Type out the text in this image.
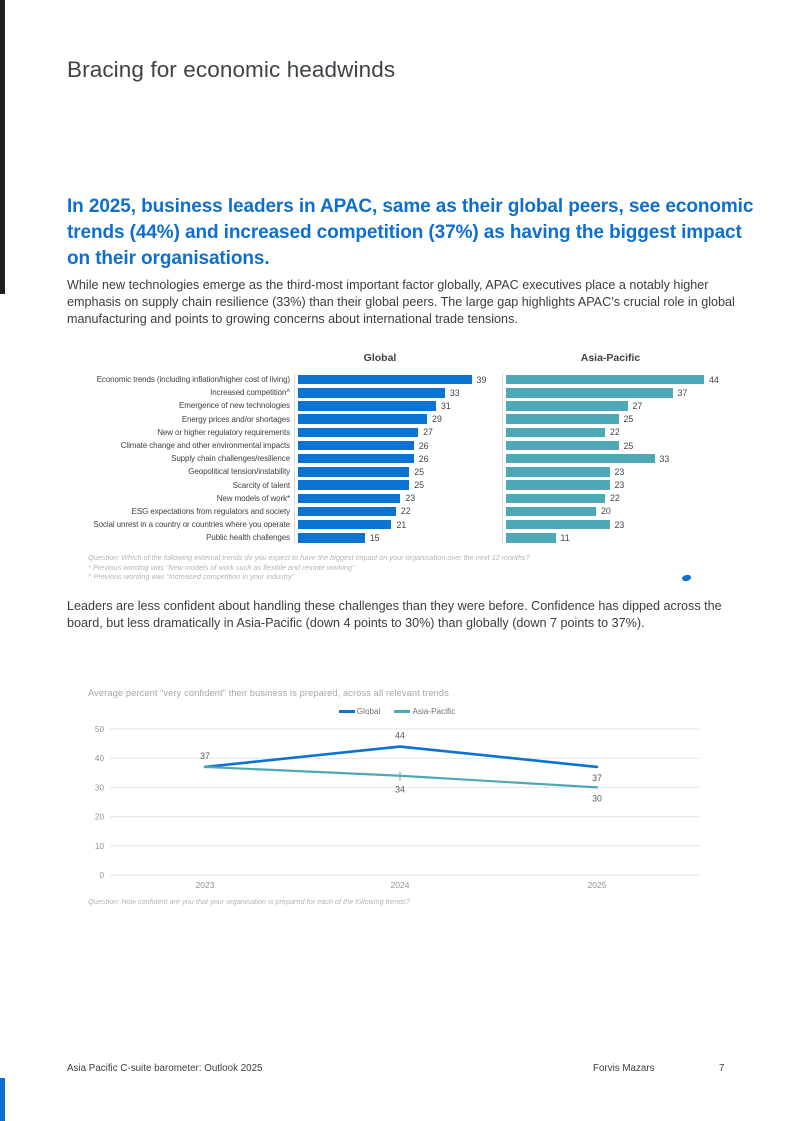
Bracing for economic headwinds
In 2025, business leaders in APAC, same as their global peers, see economic
trends (44%) and increased competition (37%) as having the biggest impact
on their organisations.
While new technologies emerge as the third-most important factor globally, APAC executives place a notably higher emphasis on supply chain resilience (33%) than their global peers. The large gap highlights APAC’s crucial role in global manufacturing and points to growing concerns about international trade tensions.
Global	Asia-Pacific
Economic trends (including inflation/higher cost of living)	39	44
Increased competition^	33	37
Emergence of new technologies	31	27
Energy prices and/or shortages	29	25
New or higher regulatory requirements	27	22
Climate change and other environmental impacts	26	25
Supply chain challenges/resilience	26	33
Geopolitical tension/instability	25	23
Scarcity of talent	25	23
New models of work*	23	22
ESG expectations from regulators and society	22	20
Social unrest in a country or countries where you operate	21	23
Public health challenges	15	11
Question: Which of the following external trends do you expect to have the biggest impact on your organisation over the next 12 months?
* Previous wording was “New models of work such as flexible and remote working”
^ Previous wording was “Increased competition in your industry”
Leaders are less confident about handling these challenges than they were before. Confidence has dipped across the board, but less dramatically in Asia-Pacific (down 4 points to 30%) than globally (down 7 points to 37%).
Average percent “very confident” their business is prepared, across all relevant trends
Global	Asia-Pacific
50
40
30
20
10
0
2023	2024	2025
37
44
34
37
30
Question: How confident are you that your organisation is prepared for each of the following trends?
Asia Pacific C-suite barometer: Outlook 2025	Forvis Mazars	7
